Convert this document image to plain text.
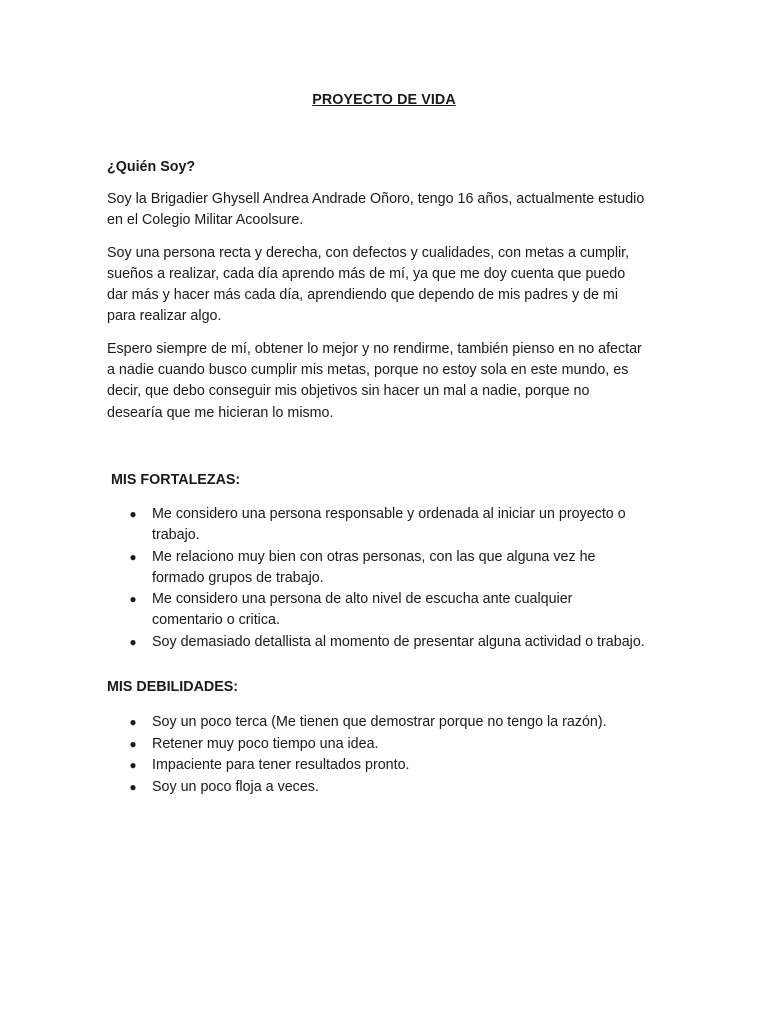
PROYECTO DE VIDA

¿Quién Soy?

Soy la Brigadier Ghysell Andrea Andrade Oñoro, tengo 16 años, actualmente estudio en el Colegio Militar Acoolsure.

Soy una persona recta y derecha, con defectos y cualidades, con metas a cumplir, sueños a realizar, cada día aprendo más de mí, ya que me doy cuenta que puedo dar más y hacer más cada día, aprendiendo que dependo de mis padres y de mi para realizar algo.

Espero siempre de mí, obtener lo mejor y no rendirme, también pienso en no afectar a nadie cuando busco cumplir mis metas, porque no estoy sola en este mundo, es decir, que debo conseguir mis objetivos sin hacer un mal a nadie, porque no desearía que me hicieran lo mismo.

MIS FORTALEZAS:

● Me considero una persona responsable y ordenada al iniciar un proyecto o trabajo.
● Me relaciono muy bien con otras personas, con las que alguna vez he formado grupos de trabajo.
● Me considero una persona de alto nivel de escucha ante cualquier comentario o critica.
● Soy demasiado detallista al momento de presentar alguna actividad o trabajo.

MIS DEBILIDADES:

● Soy un poco terca (Me tienen que demostrar porque no tengo la razón).
● Retener muy poco tiempo una idea.
● Impaciente para tener resultados pronto.
● Soy un poco floja a veces.
